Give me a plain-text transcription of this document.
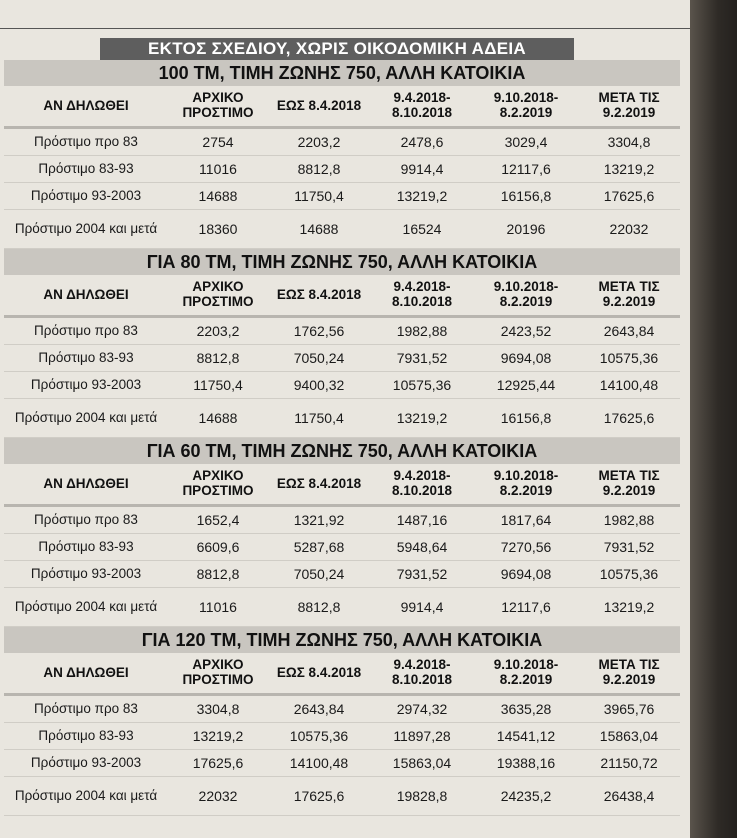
ΕΚΤΟΣ ΣΧΕΔΙΟΥ, ΧΩΡΙΣ ΟΙΚΟΔΟΜΙΚΗ ΑΔΕΙΑ
100 ΤΜ, ΤΙΜΗ ΖΩΝΗΣ 750, ΑΛΛΗ ΚΑΤΟΙΚΙΑ
ΑΝ ΔΗΛΩΘΕΙ	ΑΡΧΙΚΟ ΠΡΟΣΤΙΜΟ	ΕΩΣ 8.4.2018	9.4.2018- 8.10.2018	9.10.2018- 8.2.2019	ΜΕΤΑ ΤΙΣ 9.2.2019
Πρόστιμο προ 83	2754	2203,2	2478,6	3029,4	3304,8
Πρόστιμο 83-93	11016	8812,8	9914,4	12117,6	13219,2
Πρόστιμο 93-2003	14688	11750,4	13219,2	16156,8	17625,6
Πρόστιμο 2004 και μετά	18360	14688	16524	20196	22032
ΓΙΑ 80 ΤΜ, ΤΙΜΗ ΖΩΝΗΣ 750, ΑΛΛΗ ΚΑΤΟΙΚΙΑ
ΑΝ ΔΗΛΩΘΕΙ	ΑΡΧΙΚΟ ΠΡΟΣΤΙΜΟ	ΕΩΣ 8.4.2018	9.4.2018- 8.10.2018	9.10.2018- 8.2.2019	ΜΕΤΑ ΤΙΣ 9.2.2019
Πρόστιμο προ 83	2203,2	1762,56	1982,88	2423,52	2643,84
Πρόστιμο 83-93	8812,8	7050,24	7931,52	9694,08	10575,36
Πρόστιμο 93-2003	11750,4	9400,32	10575,36	12925,44	14100,48
Πρόστιμο 2004 και μετά	14688	11750,4	13219,2	16156,8	17625,6
ΓΙΑ 60 ΤΜ, ΤΙΜΗ ΖΩΝΗΣ 750, ΑΛΛΗ ΚΑΤΟΙΚΙΑ
ΑΝ ΔΗΛΩΘΕΙ	ΑΡΧΙΚΟ ΠΡΟΣΤΙΜΟ	ΕΩΣ 8.4.2018	9.4.2018- 8.10.2018	9.10.2018- 8.2.2019	ΜΕΤΑ ΤΙΣ 9.2.2019
Πρόστιμο προ 83	1652,4	1321,92	1487,16	1817,64	1982,88
Πρόστιμο 83-93	6609,6	5287,68	5948,64	7270,56	7931,52
Πρόστιμο 93-2003	8812,8	7050,24	7931,52	9694,08	10575,36
Πρόστιμο 2004 και μετά	11016	8812,8	9914,4	12117,6	13219,2
ΓΙΑ 120 ΤΜ, ΤΙΜΗ ΖΩΝΗΣ 750, ΑΛΛΗ ΚΑΤΟΙΚΙΑ
ΑΝ ΔΗΛΩΘΕΙ	ΑΡΧΙΚΟ ΠΡΟΣΤΙΜΟ	ΕΩΣ 8.4.2018	9.4.2018- 8.10.2018	9.10.2018- 8.2.2019	ΜΕΤΑ ΤΙΣ 9.2.2019
Πρόστιμο προ 83	3304,8	2643,84	2974,32	3635,28	3965,76
Πρόστιμο 83-93	13219,2	10575,36	11897,28	14541,12	15863,04
Πρόστιμο 93-2003	17625,6	14100,48	15863,04	19388,16	21150,72
Πρόστιμο 2004 και μετά	22032	17625,6	19828,8	24235,2	26438,4
